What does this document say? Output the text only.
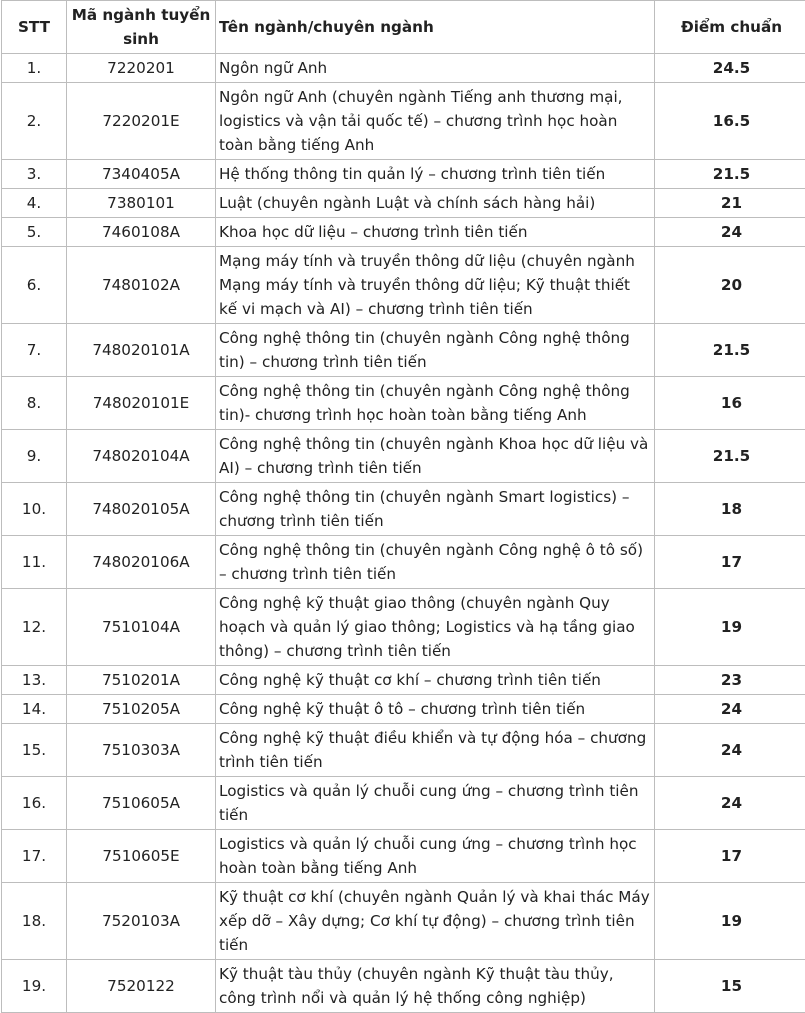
STT	Mã ngành tuyển sinh	Tên ngành/chuyên ngành	Điểm chuẩn
1.	7220201	Ngôn ngữ Anh	24.5
2.	7220201E	Ngôn ngữ Anh (chuyên ngành Tiếng anh thương mại, logistics và vận tải quốc tế) – chương trình học hoàn toàn bằng tiếng Anh	16.5
3.	7340405A	Hệ thống thông tin quản lý – chương trình tiên tiến	21.5
4.	7380101	Luật (chuyên ngành Luật và chính sách hàng hải)	21
5.	7460108A	Khoa học dữ liệu – chương trình tiên tiến	24
6.	7480102A	Mạng máy tính và truyền thông dữ liệu (chuyên ngành Mạng máy tính và truyền thông dữ liệu; Kỹ thuật thiết kế vi mạch và AI) – chương trình tiên tiến	20
7.	748020101A	Công nghệ thông tin (chuyên ngành Công nghệ thông tin) – chương trình tiên tiến	21.5
8.	748020101E	Công nghệ thông tin (chuyên ngành Công nghệ thông tin)- chương trình học hoàn toàn bằng tiếng Anh	16
9.	748020104A	Công nghệ thông tin (chuyên ngành Khoa học dữ liệu và AI) – chương trình tiên tiến	21.5
10.	748020105A	Công nghệ thông tin (chuyên ngành Smart logistics) – chương trình tiên tiến	18
11.	748020106A	Công nghệ thông tin (chuyên ngành Công nghệ ô tô số) – chương trình tiên tiến	17
12.	7510104A	Công nghệ kỹ thuật giao thông (chuyên ngành Quy hoạch và quản lý giao thông; Logistics và hạ tầng giao thông) – chương trình tiên tiến	19
13.	7510201A	Công nghệ kỹ thuật cơ khí – chương trình tiên tiến	23
14.	7510205A	Công nghệ kỹ thuật ô tô – chương trình tiên tiến	24
15.	7510303A	Công nghệ kỹ thuật điều khiển và tự động hóa – chương trình tiên tiến	24
16.	7510605A	Logistics và quản lý chuỗi cung ứng – chương trình tiên tiến	24
17.	7510605E	Logistics và quản lý chuỗi cung ứng – chương trình học hoàn toàn bằng tiếng Anh	17
18.	7520103A	Kỹ thuật cơ khí (chuyên ngành Quản lý và khai thác Máy xếp dỡ – Xây dựng; Cơ khí tự động) – chương trình tiên tiến	19
19.	7520122	Kỹ thuật tàu thủy (chuyên ngành Kỹ thuật tàu thủy, công trình nổi và quản lý hệ thống công nghiệp)	15
